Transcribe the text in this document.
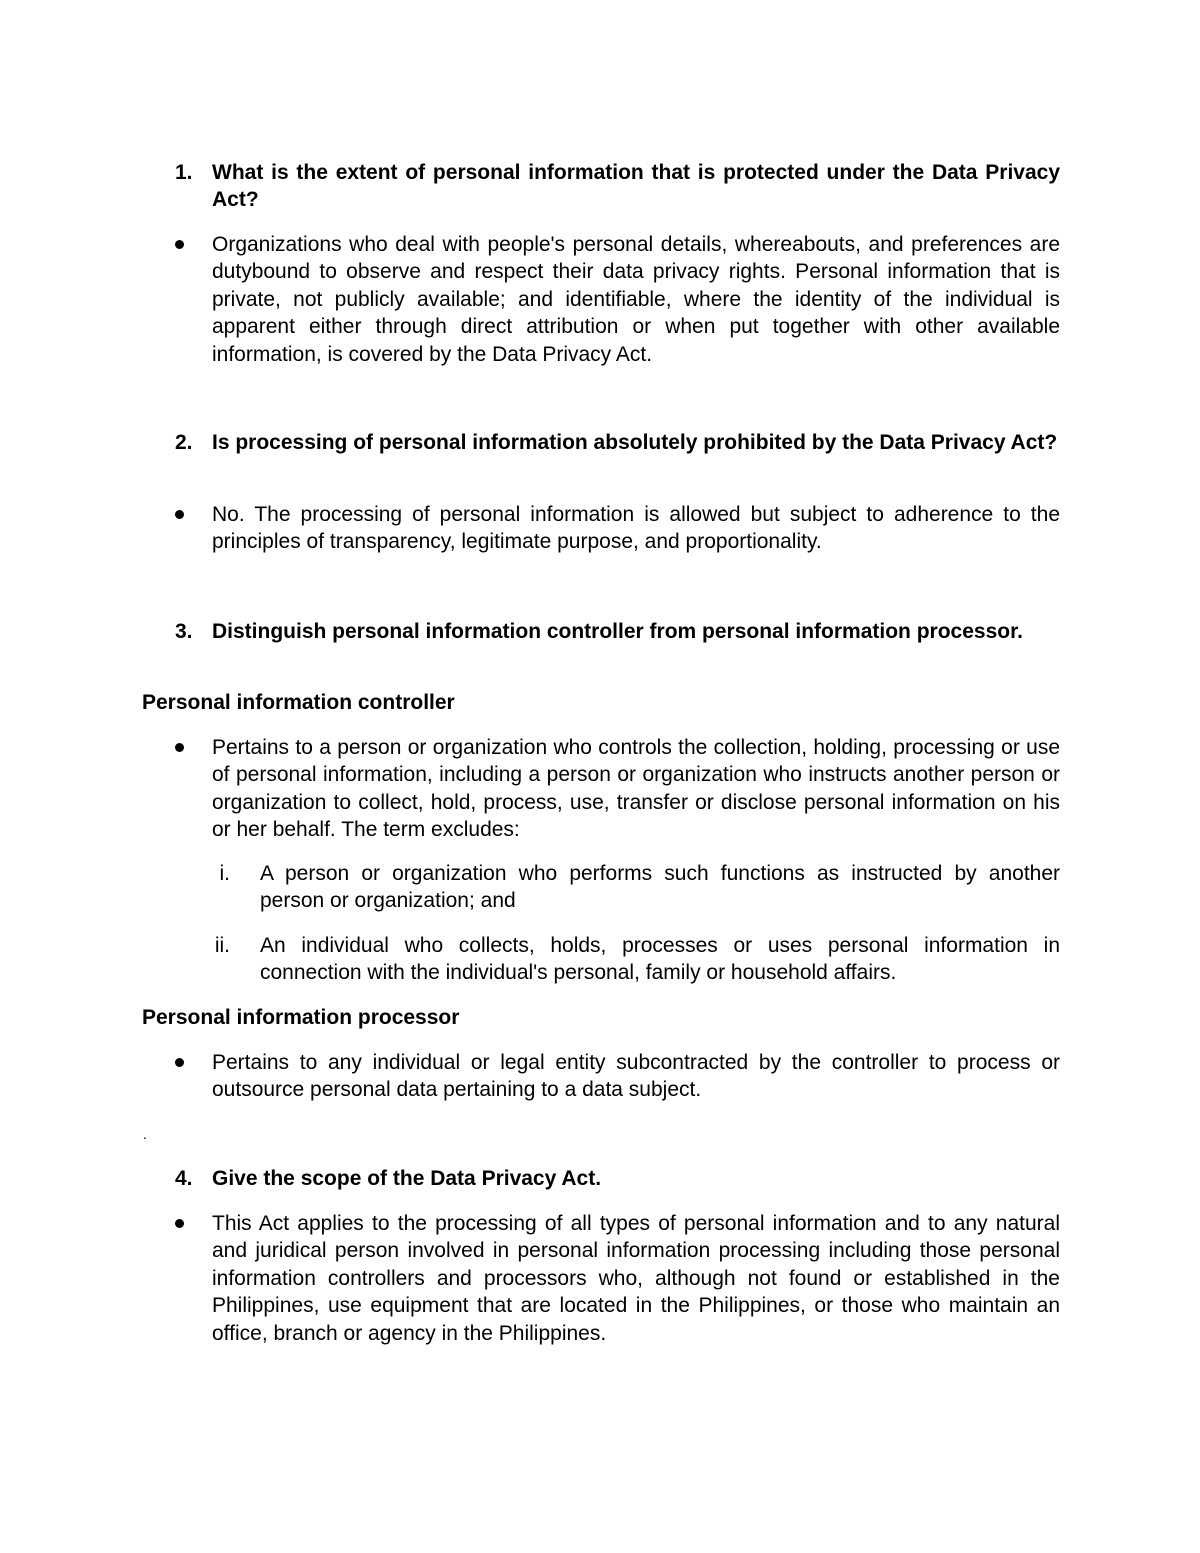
1. What is the extent of personal information that is protected under the Data Privacy Act?
Organizations who deal with people's personal details, whereabouts, and preferences are dutybound to observe and respect their data privacy rights. Personal information that is private, not publicly available; and identifiable, where the identity of the individual is apparent either through direct attribution or when put together with other available information, is covered by the Data Privacy Act.
2. Is processing of personal information absolutely prohibited by the Data Privacy Act?
No. The processing of personal information is allowed but subject to adherence to the principles of transparency, legitimate purpose, and proportionality.
3. Distinguish personal information controller from personal information processor.
Personal information controller
Pertains to a person or organization who controls the collection, holding, processing or use of personal information, including a person or organization who instructs another person or organization to collect, hold, process, use, transfer or disclose personal information on his or her behalf. The term excludes:
i. A person or organization who performs such functions as instructed by another person or organization; and
ii. An individual who collects, holds, processes or uses personal information in connection with the individual's personal, family or household affairs.
Personal information processor
Pertains to any individual or legal entity subcontracted by the controller to process or outsource personal data pertaining to a data subject.
.
4. Give the scope of the Data Privacy Act.
This Act applies to the processing of all types of personal information and to any natural and juridical person involved in personal information processing including those personal information controllers and processors who, although not found or established in the Philippines, use equipment that are located in the Philippines, or those who maintain an office, branch or agency in the Philippines.
